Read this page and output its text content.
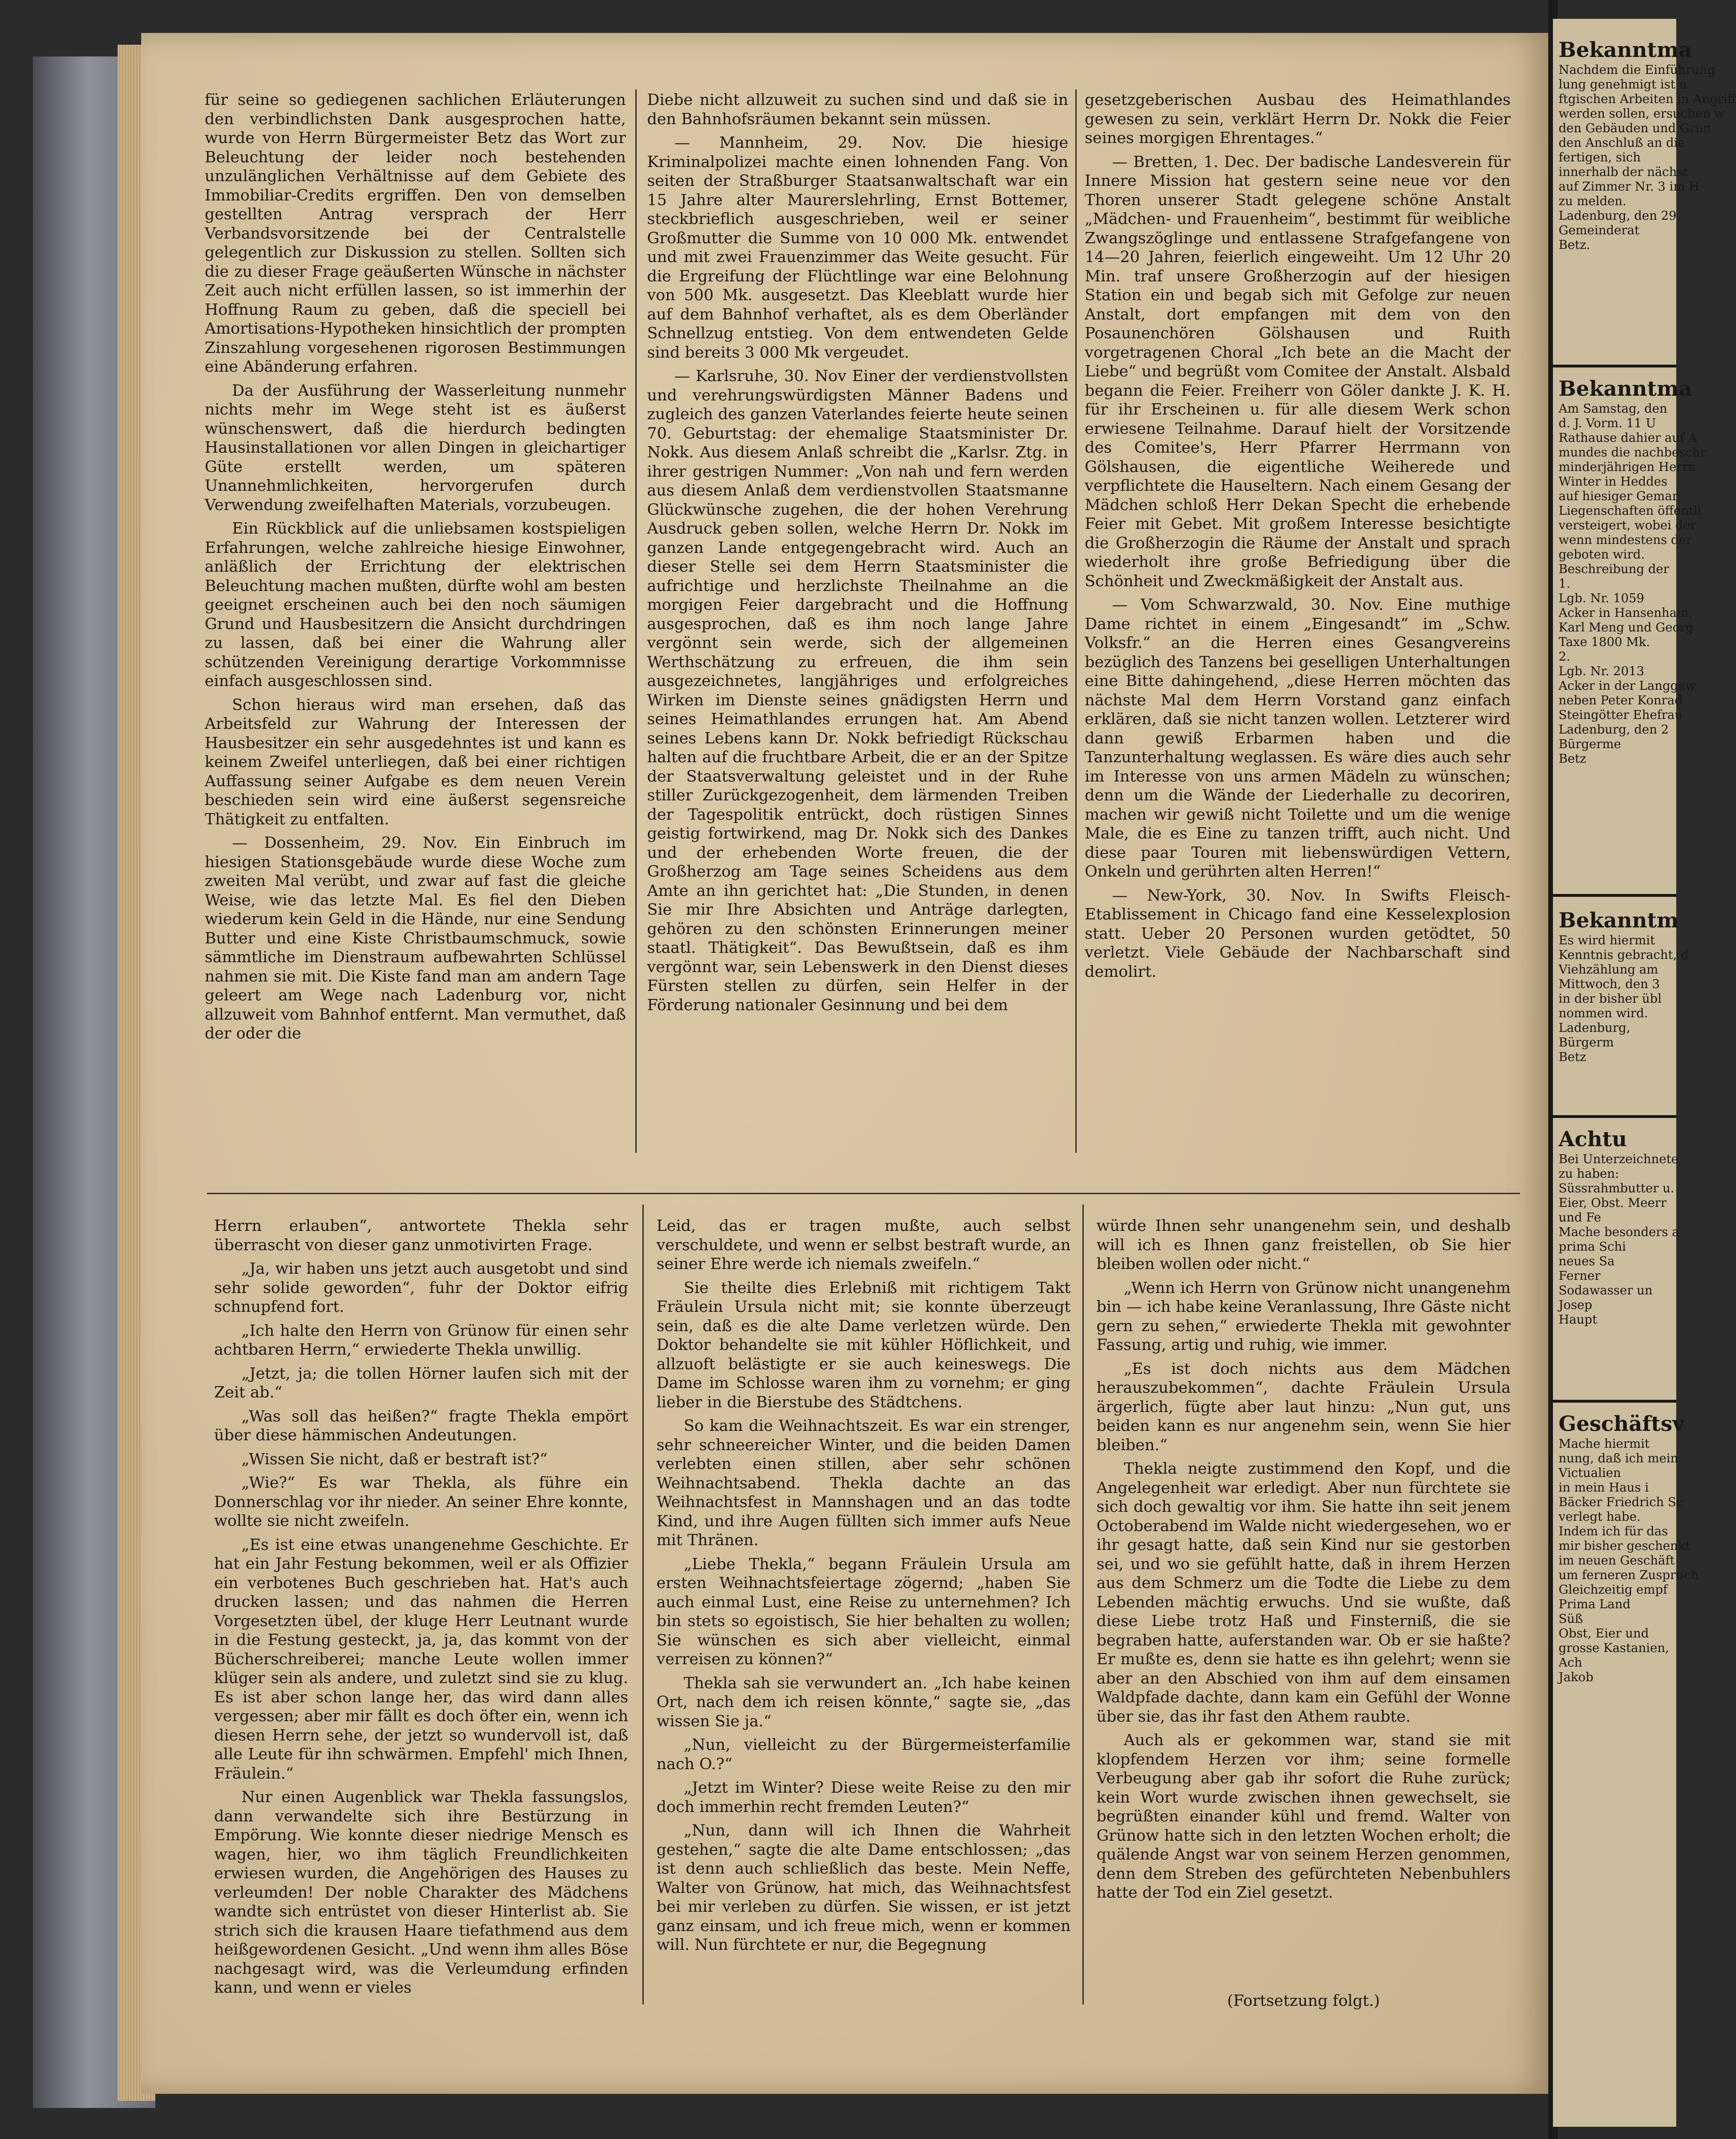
für seine so gediegenen sachlichen Erläuterungen den verbindlichsten Dank ausgesprochen hatte, wurde von Herrn Bürgermeister Betz das Wort zur Beleuchtung der leider noch bestehenden unzulänglichen Verhältnisse auf dem Gebiete des Immobiliar-Credits ergriffen. Den von demselben gestellten Antrag versprach der Herr Verbandsvorsitzende bei der Centralstelle gelegentlich zur Diskussion zu stellen. Sollten sich die zu dieser Frage geäußerten Wünsche in nächster Zeit auch nicht erfüllen lassen, so ist immerhin der Hoffnung Raum zu geben, daß die speciell bei Amortisations-Hypotheken hinsichtlich der prompten Zinszahlung vorgesehenen rigorosen Bestimmungen eine Abänderung erfahren.

Da der Ausführung der Wasserleitung nunmehr nichts mehr im Wege steht ist es äußerst wünschenswert, daß die hierdurch bedingten Hausinstallationen vor allen Dingen in gleichartiger Güte erstellt werden, um späteren Unannehmlichkeiten, hervorgerufen durch Verwendung zweifelhaften Materials, vorzubeugen.

Ein Rückblick auf die unliebsamen kostspieligen Erfahrungen, welche zahlreiche hiesige Einwohner, anläßlich der Errichtung der elektrischen Beleuchtung machen mußten, dürfte wohl am besten geeignet erscheinen auch bei den noch säumigen Grund und Hausbesitzern die Ansicht durchdringen zu lassen, daß bei einer die Wahrung aller schützenden Vereinigung derartige Vorkommnisse einfach ausgeschlossen sind.

Schon hieraus wird man ersehen, daß das Arbeitsfeld zur Wahrung der Interessen der Hausbesitzer ein sehr ausgedehntes ist und kann es keinem Zweifel unterliegen, daß bei einer richtigen Auffassung seiner Aufgabe es dem neuen Verein beschieden sein wird eine äußerst segensreiche Thätigkeit zu entfalten.

— Dossenheim, 29. Nov. Ein Einbruch im hiesigen Stationsgebäude wurde diese Woche zum zweiten Mal verübt, und zwar auf fast die gleiche Weise, wie das letzte Mal. Es fiel den Dieben wiederum kein Geld in die Hände, nur eine Sendung Butter und eine Kiste Christbaumschmuck, sowie sämmtliche im Dienstraum aufbewahrten Schlüssel nahmen sie mit. Die Kiste fand man am andern Tage geleert am Wege nach Ladenburg vor, nicht allzuweit vom Bahnhof entfernt. Man vermuthet, daß der oder die

Diebe nicht allzuweit zu suchen sind und daß sie in den Bahnhofsräumen bekannt sein müssen.

— Mannheim, 29. Nov. Die hiesige Kriminalpolizei machte einen lohnenden Fang. Von seiten der Straßburger Staatsanwaltschaft war ein 15 Jahre alter Maurerslehrling, Ernst Bottemer, steckbrieflich ausgeschrieben, weil er seiner Großmutter die Summe von 10 000 Mk. entwendet und mit zwei Frauenzimmer das Weite gesucht. Für die Ergreifung der Flüchtlinge war eine Belohnung von 500 Mk. ausgesetzt. Das Kleeblatt wurde hier auf dem Bahnhof verhaftet, als es dem Oberländer Schnellzug entstieg. Von dem entwendeten Gelde sind bereits 3 000 Mk vergeudet.

— Karlsruhe, 30. Nov Einer der verdienstvollsten und verehrungswürdigsten Männer Badens und zugleich des ganzen Vaterlandes feierte heute seinen 70. Geburtstag: der ehemalige Staatsminister Dr. Nokk. Aus diesem Anlaß schreibt die „Karlsr. Ztg. in ihrer gestrigen Nummer: „Von nah und fern werden aus diesem Anlaß dem verdienstvollen Staatsmanne Glückwünsche zugehen, die der hohen Verehrung Ausdruck geben sollen, welche Herrn Dr. Nokk im ganzen Lande entgegengebracht wird. Auch an dieser Stelle sei dem Herrn Staatsminister die aufrichtige und herzlichste Theilnahme an die morgigen Feier dargebracht und die Hoffnung ausgesprochen, daß es ihm noch lange Jahre vergönnt sein werde, sich der allgemeinen Werthschätzung zu erfreuen, die ihm sein ausgezeichnetes, langjähriges und erfolgreiches Wirken im Dienste seines gnädigsten Herrn und seines Heimathlandes errungen hat. Am Abend seines Lebens kann Dr. Nokk befriedigt Rückschau halten auf die fruchtbare Arbeit, die er an der Spitze der Staatsverwaltung geleistet und in der Ruhe stiller Zurückgezogenheit, dem lärmenden Treiben der Tagespolitik entrückt, doch rüstigen Sinnes geistig fortwirkend, mag Dr. Nokk sich des Dankes und der erhebenden Worte freuen, die der Großherzog am Tage seines Scheidens aus dem Amte an ihn gerichtet hat: „Die Stunden, in denen Sie mir Ihre Absichten und Anträge darlegten, gehören zu den schönsten Erinnerungen meiner staatl. Thätigkeit“. Das Bewußtsein, daß es ihm vergönnt war, sein Lebenswerk in den Dienst dieses Fürsten stellen zu dürfen, sein Helfer in der Förderung nationaler Gesinnung und bei dem

gesetzgeberischen Ausbau des Heimathlandes gewesen zu sein, verklärt Herrn Dr. Nokk die Feier seines morgigen Ehrentages.“

— Bretten, 1. Dec. Der badische Landesverein für Innere Mission hat gestern seine neue vor den Thoren unserer Stadt gelegene schöne Anstalt „Mädchen- und Frauenheim“, bestimmt für weibliche Zwangszöglinge und entlassene Strafgefangene von 14—20 Jahren, feierlich eingeweiht. Um 12 Uhr 20 Min. traf unsere Großherzogin auf der hiesigen Station ein und begab sich mit Gefolge zur neuen Anstalt, dort empfangen mit dem von den Posaunenchören Gölshausen und Ruith vorgetragenen Choral „Ich bete an die Macht der Liebe“ und begrüßt vom Comitee der Anstalt. Alsbald begann die Feier. Freiherr von Göler dankte J. K. H. für ihr Erscheinen u. für alle diesem Werk schon erwiesene Teilnahme. Darauf hielt der Vorsitzende des Comitee's, Herr Pfarrer Herrmann von Gölshausen, die eigentliche Weiherede und verpflichtete die Hauseltern. Nach einem Gesang der Mädchen schloß Herr Dekan Specht die erhebende Feier mit Gebet. Mit großem Interesse besichtigte die Großherzogin die Räume der Anstalt und sprach wiederholt ihre große Befriedigung über die Schönheit und Zweckmäßigkeit der Anstalt aus.

— Vom Schwarzwald, 30. Nov. Eine muthige Dame richtet in einem „Eingesandt“ im „Schw. Volksfr.“ an die Herren eines Gesangvereins bezüglich des Tanzens bei geselligen Unterhaltungen eine Bitte dahingehend, „diese Herren möchten das nächste Mal dem Herrn Vorstand ganz einfach erklären, daß sie nicht tanzen wollen. Letzterer wird dann gewiß Erbarmen haben und die Tanzunterhaltung weglassen. Es wäre dies auch sehr im Interesse von uns armen Mädeln zu wünschen; denn um die Wände der Liederhalle zu decoriren, machen wir gewiß nicht Toilette und um die wenige Male, die es Eine zu tanzen trifft, auch nicht. Und diese paar Touren mit liebenswürdigen Vettern, Onkeln und gerührten alten Herren!“

— New-York, 30. Nov. In Swifts Fleisch-Etablissement in Chicago fand eine Kesselexplosion statt. Ueber 20 Personen wurden getödtet, 50 verletzt. Viele Gebäude der Nachbarschaft sind demolirt.

Herrn erlauben“, antwortete Thekla sehr überrascht von dieser ganz unmotivirten Frage.

„Ja, wir haben uns jetzt auch ausgetobt und sind sehr solide geworden“, fuhr der Doktor eifrig schnupfend fort.

„Ich halte den Herrn von Grünow für einen sehr achtbaren Herrn,“ erwiederte Thekla unwillig.

„Jetzt, ja; die tollen Hörner laufen sich mit der Zeit ab.“

„Was soll das heißen?“ fragte Thekla empört über diese hämmischen Andeutungen.

„Wissen Sie nicht, daß er bestraft ist?“

„Wie?“ Es war Thekla, als führe ein Donnerschlag vor ihr nieder. An seiner Ehre konnte, wollte sie nicht zweifeln.

„Es ist eine etwas unangenehme Geschichte. Er hat ein Jahr Festung bekommen, weil er als Offizier ein verbotenes Buch geschrieben hat. Hat's auch drucken lassen; und das nahmen die Herren Vorgesetzten übel, der kluge Herr Leutnant wurde in die Festung gesteckt, ja, ja, das kommt von der Bücherschreiberei; manche Leute wollen immer klüger sein als andere, und zuletzt sind sie zu klug. Es ist aber schon lange her, das wird dann alles vergessen; aber mir fällt es doch öfter ein, wenn ich diesen Herrn sehe, der jetzt so wundervoll ist, daß alle Leute für ihn schwärmen. Empfehl' mich Ihnen, Fräulein.“

Nur einen Augenblick war Thekla fassungslos, dann verwandelte sich ihre Bestürzung in Empörung. Wie konnte dieser niedrige Mensch es wagen, hier, wo ihm täglich Freundlichkeiten erwiesen wurden, die Angehörigen des Hauses zu verleumden! Der noble Charakter des Mädchens wandte sich entrüstet von dieser Hinterlist ab. Sie strich sich die krausen Haare tiefathmend aus dem heißgewordenen Gesicht. „Und wenn ihm alles Böse nachgesagt wird, was die Verleumdung erfinden kann, und wenn er vieles

Leid, das er tragen mußte, auch selbst verschuldete, und wenn er selbst bestraft wurde, an seiner Ehre werde ich niemals zweifeln.“

Sie theilte dies Erlebniß mit richtigem Takt Fräulein Ursula nicht mit; sie konnte überzeugt sein, daß es die alte Dame verletzen würde. Den Doktor behandelte sie mit kühler Höflichkeit, und allzuoft belästigte er sie auch keineswegs. Die Dame im Schlosse waren ihm zu vornehm; er ging lieber in die Bierstube des Städtchens.

So kam die Weihnachtszeit. Es war ein strenger, sehr schneereicher Winter, und die beiden Damen verlebten einen stillen, aber sehr schönen Weihnachtsabend. Thekla dachte an das Weihnachtsfest in Mannshagen und an das todte Kind, und ihre Augen füllten sich immer aufs Neue mit Thränen.

„Liebe Thekla,“ begann Fräulein Ursula am ersten Weihnachtsfeiertage zögernd; „haben Sie auch einmal Lust, eine Reise zu unternehmen? Ich bin stets so egoistisch, Sie hier behalten zu wollen; Sie wünschen es sich aber vielleicht, einmal verreisen zu können?“

Thekla sah sie verwundert an. „Ich habe keinen Ort, nach dem ich reisen könnte,“ sagte sie, „das wissen Sie ja.“

„Nun, vielleicht zu der Bürgermeisterfamilie nach O.?“

„Jetzt im Winter? Diese weite Reise zu den mir doch immerhin recht fremden Leuten?“

„Nun, dann will ich Ihnen die Wahrheit gestehen,“ sagte die alte Dame entschlossen; „das ist denn auch schließlich das beste. Mein Neffe, Walter von Grünow, hat mich, das Weihnachtsfest bei mir verleben zu dürfen. Sie wissen, er ist jetzt ganz einsam, und ich freue mich, wenn er kommen will. Nun fürchtete er nur, die Begegnung

würde Ihnen sehr unangenehm sein, und deshalb will ich es Ihnen ganz freistellen, ob Sie hier bleiben wollen oder nicht.“

„Wenn ich Herrn von Grünow nicht unangenehm bin — ich habe keine Veranlassung, Ihre Gäste nicht gern zu sehen,“ erwiederte Thekla mit gewohnter Fassung, artig und ruhig, wie immer.

„Es ist doch nichts aus dem Mädchen herauszubekommen“, dachte Fräulein Ursula ärgerlich, fügte aber laut hinzu: „Nun gut, uns beiden kann es nur angenehm sein, wenn Sie hier bleiben.“

Thekla neigte zustimmend den Kopf, und die Angelegenheit war erledigt. Aber nun fürchtete sie sich doch gewaltig vor ihm. Sie hatte ihn seit jenem Octoberabend im Walde nicht wiedergesehen, wo er ihr gesagt hatte, daß sein Kind nur sie gestorben sei, und wo sie gefühlt hatte, daß in ihrem Herzen aus dem Schmerz um die Todte die Liebe zu dem Lebenden mächtig erwuchs. Und sie wußte, daß diese Liebe trotz Haß und Finsterniß, die sie begraben hatte, auferstanden war. Ob er sie haßte? Er mußte es, denn sie hatte es ihn gelehrt; wenn sie aber an den Abschied von ihm auf dem einsamen Waldpfade dachte, dann kam ein Gefühl der Wonne über sie, das ihr fast den Athem raubte.

Auch als er gekommen war, stand sie mit klopfendem Herzen vor ihm; seine formelle Verbeugung aber gab ihr sofort die Ruhe zurück; kein Wort wurde zwischen ihnen gewechselt, sie begrüßten einander kühl und fremd. Walter von Grünow hatte sich in den letzten Wochen erholt; die quälende Angst war von seinem Herzen genommen, denn dem Streben des gefürchteten Nebenbuhlers hatte der Tod ein Ziel gesetzt.

(Fortsetzung folgt.)
Bekanntma
Nachdem die Einführung
lung genehmigt ist u
ftgischen Arbeiten in Angriff
werden sollen, ersuchen w
den Gebäuden und Grun
den Anschluß an die
fertigen, sich
innerhalb der nächst
auf Zimmer Nr. 3 im H
zu melden.
Ladenburg, den 29.
Gemeinderat
Betz.
Bekanntma
Am Samstag, den
d. J. Vorm. 11 U
Rathause dahier auf A
mundes die nachbeschr
minderjährigen Herrn
Winter in Heddes
auf hiesiger Gemar
Liegenschaften öffentli
versteigert, wobei der
wenn mindestens der
geboten wird.
Beschreibung der
1.
Lgb. Nr. 1059
Acker in Hansenhain,
Karl Meng und Georg
Taxe 1800 Mk.
2.
Lgb. Nr. 2013
Acker in der Langgew
neben Peter Konrad
Steingötter Ehefrau
Ladenburg, den 2
Bürgerme
Betz
Bekanntm
Es wird hiermit
Kenntnis gebracht, d
Viehzählung am
Mittwoch, den 3
in der bisher übl
nommen wird.
Ladenburg,
Bürgerm
Betz
Achtu
Bei Unterzeichnete
zu haben:
Süssrahmbutter u.
Eier, Obst. Meerr
und Fe
Mache besonders a
prima Schi
neues Sa
Ferner
Sodawasser un
Josep
Haupt
Geschäftsv
Mache hiermit
nung, daß ich mein
Victualien
in mein Haus i
Bäcker Friedrich Sc
verlegt habe.
Indem ich für das
mir bisher geschenkt
im neuen Geschäft
um ferneren Zuspruch
Gleichzeitig empf
Prima Land
Süß
Obst, Eier und
grosse Kastanien,
Ach
Jakob
